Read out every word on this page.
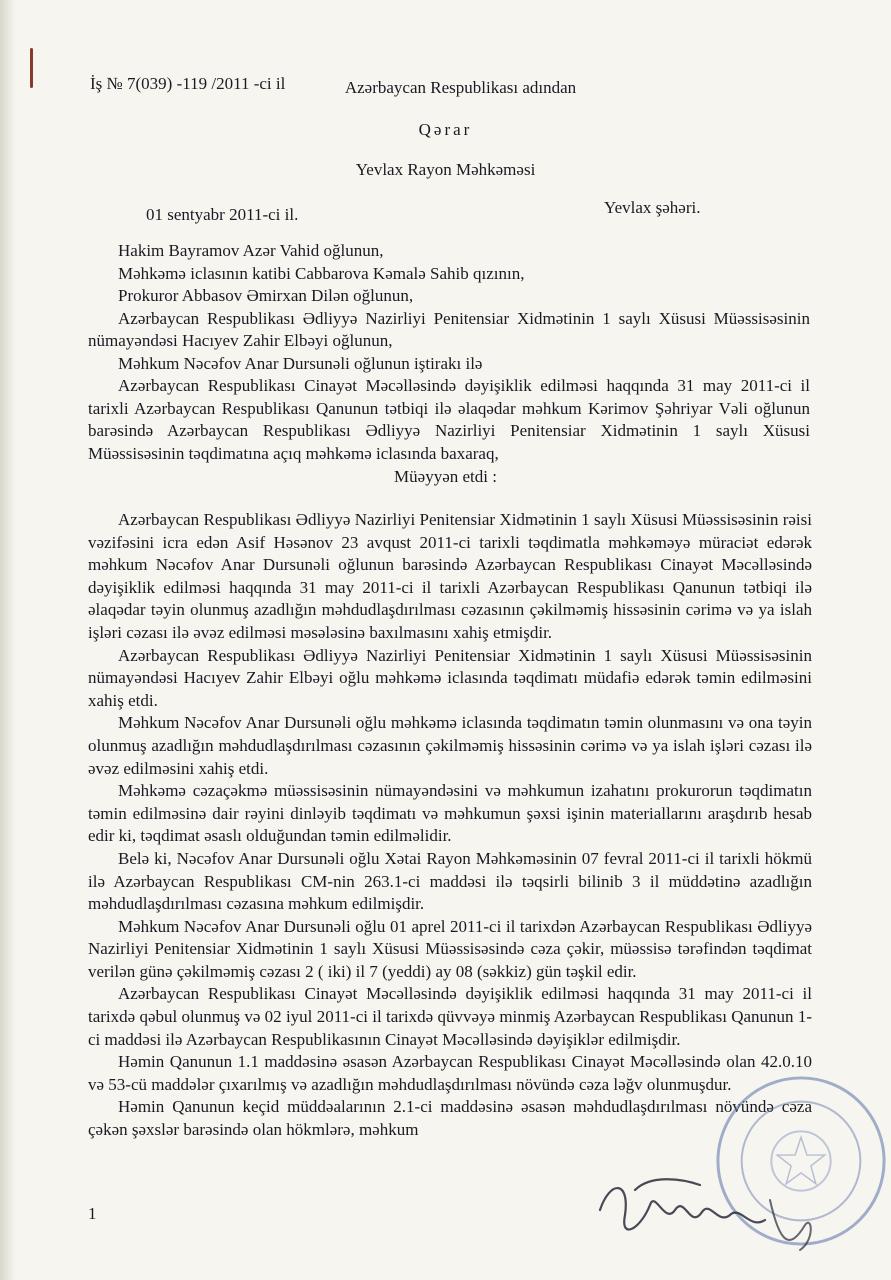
İş № 7(039) -119 /2011 -ci il	Azərbaycan Respublikası adından
Qərar
Yevlax Rayon Məhkəməsi
01 sentyabr 2011-ci il.	Yevlax şəhəri.

Hakim Bayramov Azər Vahid oğlunun,

Məhkəmə iclasının katibi Cabbarova Kəmalə Sahib qızının,

Prokuror Abbasov Əmirxan Dilən oğlunun,

Azərbaycan Respublikası Ədliyyə Nazirliyi Penitensiar Xidmətinin 1 saylı Xüsusi Müəssisəsinin nümayəndəsi Hacıyev Zahir Elbəyi oğlunun,

Məhkum Nəcəfov Anar Dursunəli oğlunun iştirakı ilə

Azərbaycan Respublikası Cinayət Məcəlləsində dəyişiklik edilməsi haqqında 31 may 2011-ci il tarixli Azərbaycan Respublikası Qanunun tətbiqi ilə əlaqədar məhkum Kərimov Şəhriyar Vəli oğlunun barəsində Azərbaycan Respublikası Ədliyyə Nazirliyi Penitensiar Xidmətinin 1 saylı Xüsusi Müəssisəsinin təqdimatına açıq məhkəmə iclasında baxaraq,

Müəyyən etdi :

Azərbaycan Respublikası Ədliyyə Nazirliyi Penitensiar Xidmətinin 1 saylı Xüsusi Müəssisəsinin rəisi vəzifəsini icra edən Asif Həsənov 23 avqust 2011-ci tarixli təqdimatla məhkəməyə müraciət edərək məhkum Nəcəfov Anar Dursunəli oğlunun barəsində Azərbaycan Respublikası Cinayət Məcəlləsində dəyişiklik edilməsi haqqında 31 may 2011-ci il tarixli Azərbaycan Respublikası Qanunun tətbiqi ilə əlaqədar təyin olunmuş azadlığın məhdudlaşdırılması cəzasının çəkilməmiş hissəsinin cərimə və ya islah işləri cəzası ilə əvəz edilməsi məsələsinə baxılmasını xahiş etmişdir.

Azərbaycan Respublikası Ədliyyə Nazirliyi Penitensiar Xidmətinin 1 saylı Xüsusi Müəssisəsinin nümayəndəsi Hacıyev Zahir Elbəyi oğlu məhkəmə iclasında təqdimatı müdafiə edərək təmin edilməsini xahiş etdi.

Məhkum Nəcəfov Anar Dursunəli oğlu məhkəmə iclasında təqdimatın təmin olunmasını və ona təyin olunmuş azadlığın məhdudlaşdırılması cəzasının çəkilməmiş hissəsinin cərimə və ya islah işləri cəzası ilə əvəz edilməsini xahiş etdi.

Məhkəmə cəzaçəkmə müəssisəsinin nümayəndəsini və məhkumun izahatını prokurorun təqdimatın təmin edilməsinə dair rəyini dinləyib təqdimatı və məhkumun şəxsi işinin materiallarını araşdırıb hesab edir ki, təqdimat əsaslı olduğundan təmin edilməlidir.

Belə ki, Nəcəfov Anar Dursunəli oğlu Xətai Rayon Məhkəməsinin 07 fevral 2011-ci il tarixli hökmü ilə Azərbaycan Respublikası CM-nin 263.1-ci maddəsi ilə təqsirli bilinib 3 il müddətinə azadlığın məhdudlaşdırılması cəzasına məhkum edilmişdir.

Məhkum Nəcəfov Anar Dursunəli oğlu 01 aprel 2011-ci il tarixdən Azərbaycan Respublikası Ədliyyə Nazirliyi Penitensiar Xidmətinin 1 saylı Xüsusi Müəssisəsində cəza çəkir, müəssisə tərəfindən təqdimat verilən günə çəkilməmiş cəzası 2 ( iki) il 7 (yeddi) ay 08 (səkkiz) gün təşkil edir.

Azərbaycan Respublikası Cinayət Məcəlləsində dəyişiklik edilməsi haqqında 31 may 2011-ci il tarixdə qəbul olunmuş və 02 iyul 2011-ci il tarixdə qüvvəyə minmiş Azərbaycan Respublikası Qanunun 1-ci maddəsi ilə Azərbaycan Respublikasının Cinayət Məcəlləsində dəyişiklər edilmişdir.

Həmin Qanunun 1.1 maddəsinə əsasən Azərbaycan Respublikası Cinayət Məcəlləsində olan 42.0.10 və 53-cü maddələr çıxarılmış və azadlığın məhdudlaşdırılması növündə cəza ləğv olunmuşdur.

Həmin Qanunun keçid müddəalarının 2.1-ci maddəsinə əsasən məhdudlaşdırılması növündə cəza çəkən şəxslər barəsində olan hökmlərə, məhkum

1
